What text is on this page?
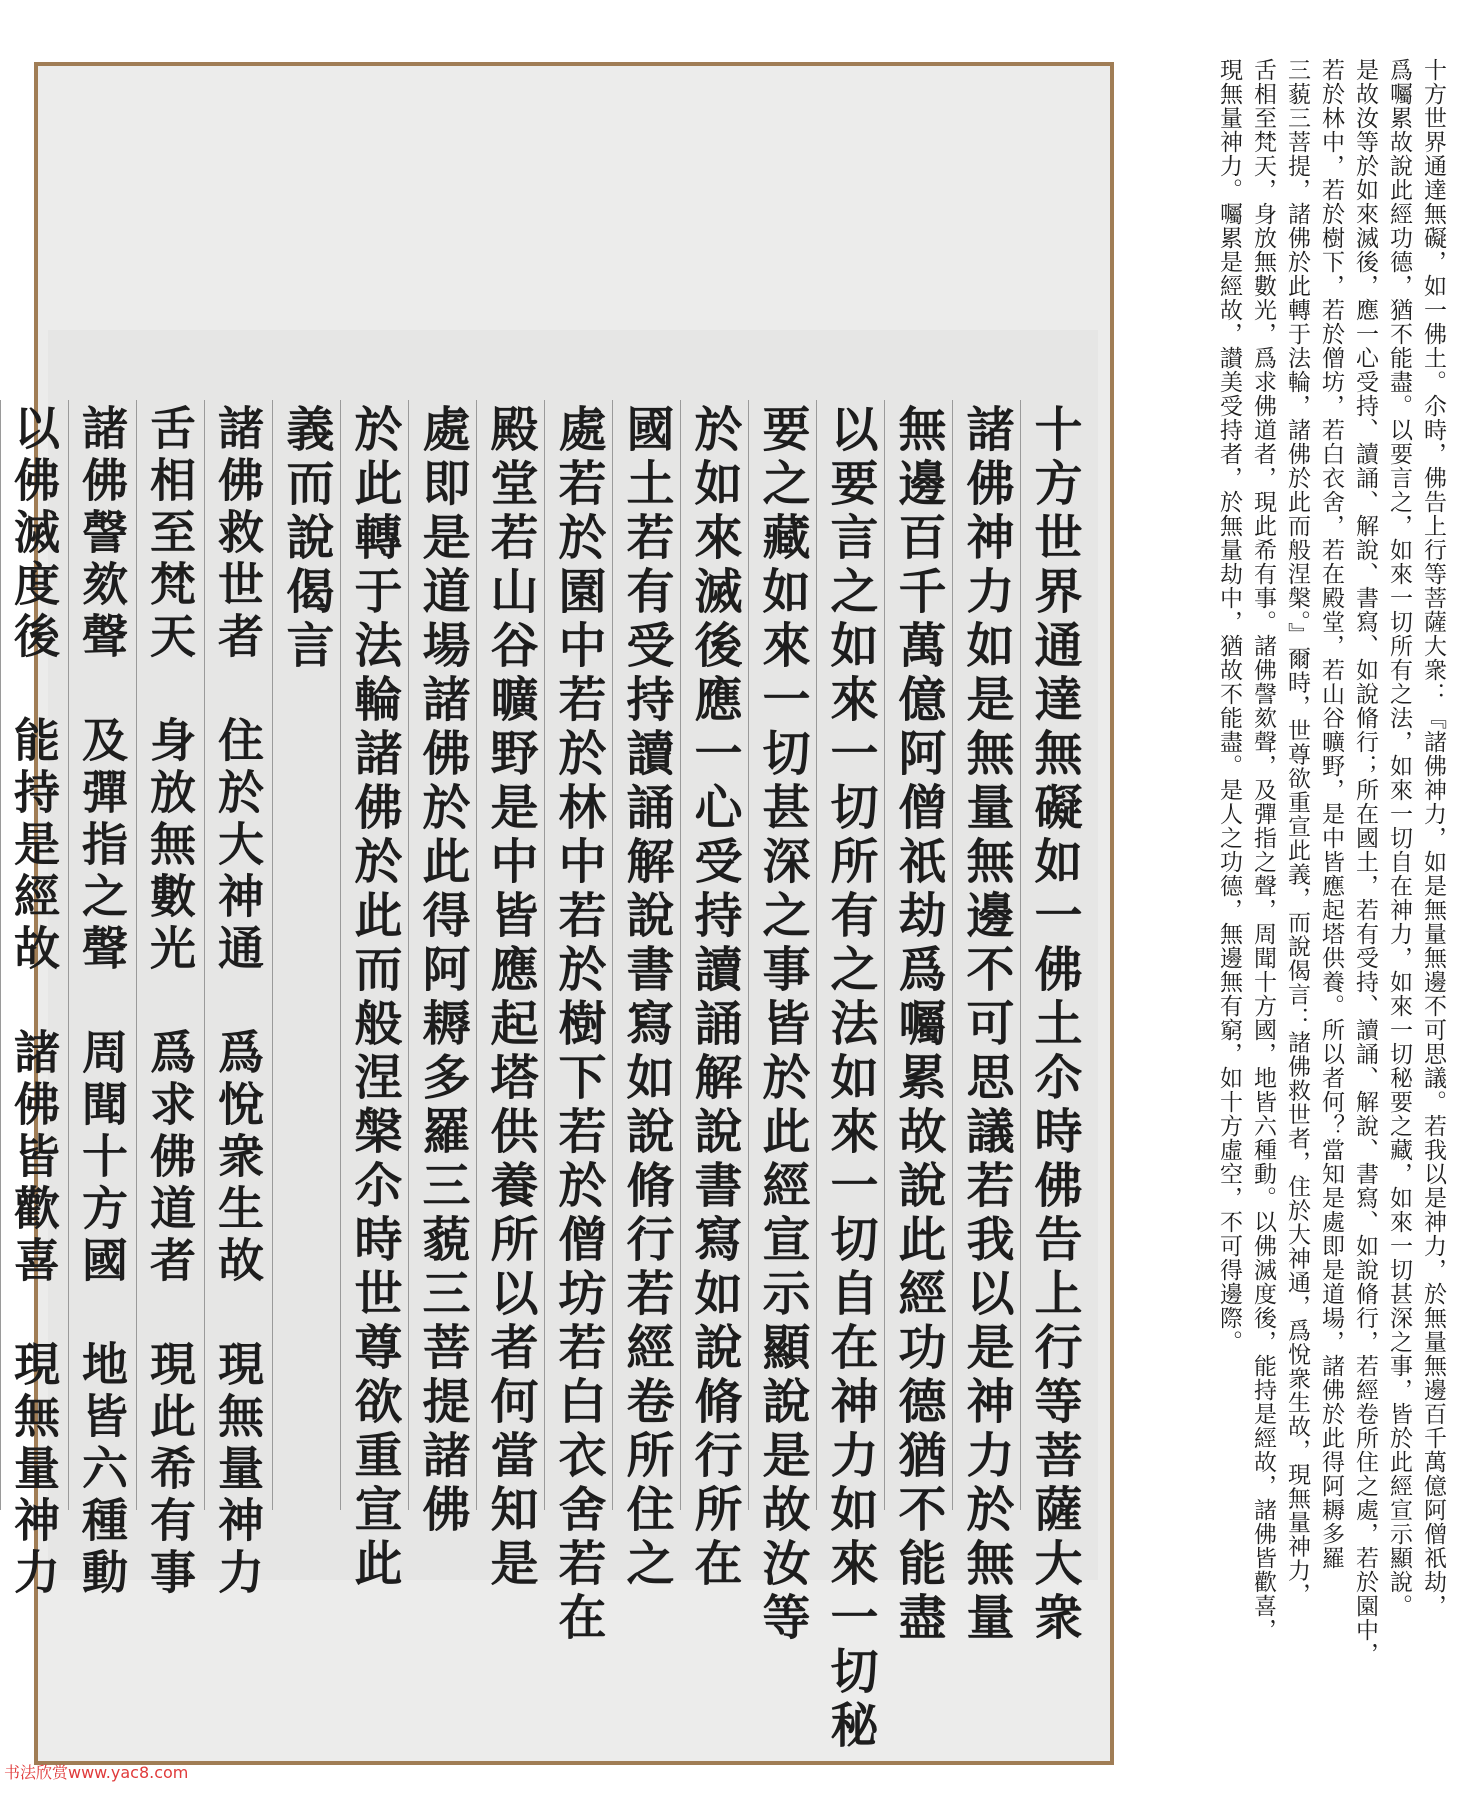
十方世界通達無礙如一佛土尒時佛告上行等菩薩大衆
諸佛神力如是無量無邊不可思議若我以是神力於無量
無邊百千萬億阿僧祇劫爲囑累故說此經功德猶不能盡
以要言之如來一切所有之法如來一切自在神力如來一切秘
要之藏如來一切甚深之事皆於此經宣示顯說是故汝等
於如來滅後應一心受持讀誦解說書寫如說脩行所在
國土若有受持讀誦解說書寫如說脩行若經卷所住之
處若於園中若於林中若於樹下若於僧坊若白衣舍若在
殿堂若山谷曠野是中皆應起塔供養所以者何當知是
處即是道場諸佛於此得阿耨多羅三藐三菩提諸佛
於此轉于法輪諸佛於此而般涅槃尒時世尊欲重宣此
義而說偈言
諸佛救世者　住於大神通　爲悅衆生故　現無量神力
舌相至梵天　身放無數光　爲求佛道者　現此希有事
諸佛謦欬聲　及彈指之聲　周聞十方國　地皆六種動
以佛滅度後　能持是經故　諸佛皆歡喜　現無量神力	十方世界通達無礙，如一佛土。尒時，佛告上行等菩薩大衆：『諸佛神力，如是無量無邊不可思議。若我以是神力，於無量無邊百千萬億阿僧祇劫，

爲囑累故說此經功德，猶不能盡。以要言之，如來一切所有之法，如來一切自在神力，如來一切秘要之藏，如來一切甚深之事，皆於此經宣示顯說。

是故汝等於如來滅後，應一心受持、讀誦、解說、書寫、如說脩行；所在國土，若有受持、讀誦、解說、書寫、如說脩行，若經卷所住之處，若於園中，

若於林中，若於樹下，若於僧坊，若白衣舍，若在殿堂，若山谷曠野，是中皆應起塔供養。所以者何？當知是處即是道場，諸佛於此得阿耨多羅

三藐三菩提，諸佛於此轉于法輪，諸佛於此而般涅槃。』爾時，世尊欲重宣此義，而說偈言：諸佛救世者，住於大神通，爲悅衆生故，現無量神力，

舌相至梵天，身放無數光，爲求佛道者，現此希有事。諸佛謦欬聲，及彈指之聲，周聞十方國，地皆六種動。以佛滅度後，能持是經故，諸佛皆歡喜，

現無量神力。囑累是經故，讃美受持者，於無量劫中，猶故不能盡。是人之功德，無邊無有窮，如十方虛空，不可得邊際。

书法欣赏www.yac8.com
